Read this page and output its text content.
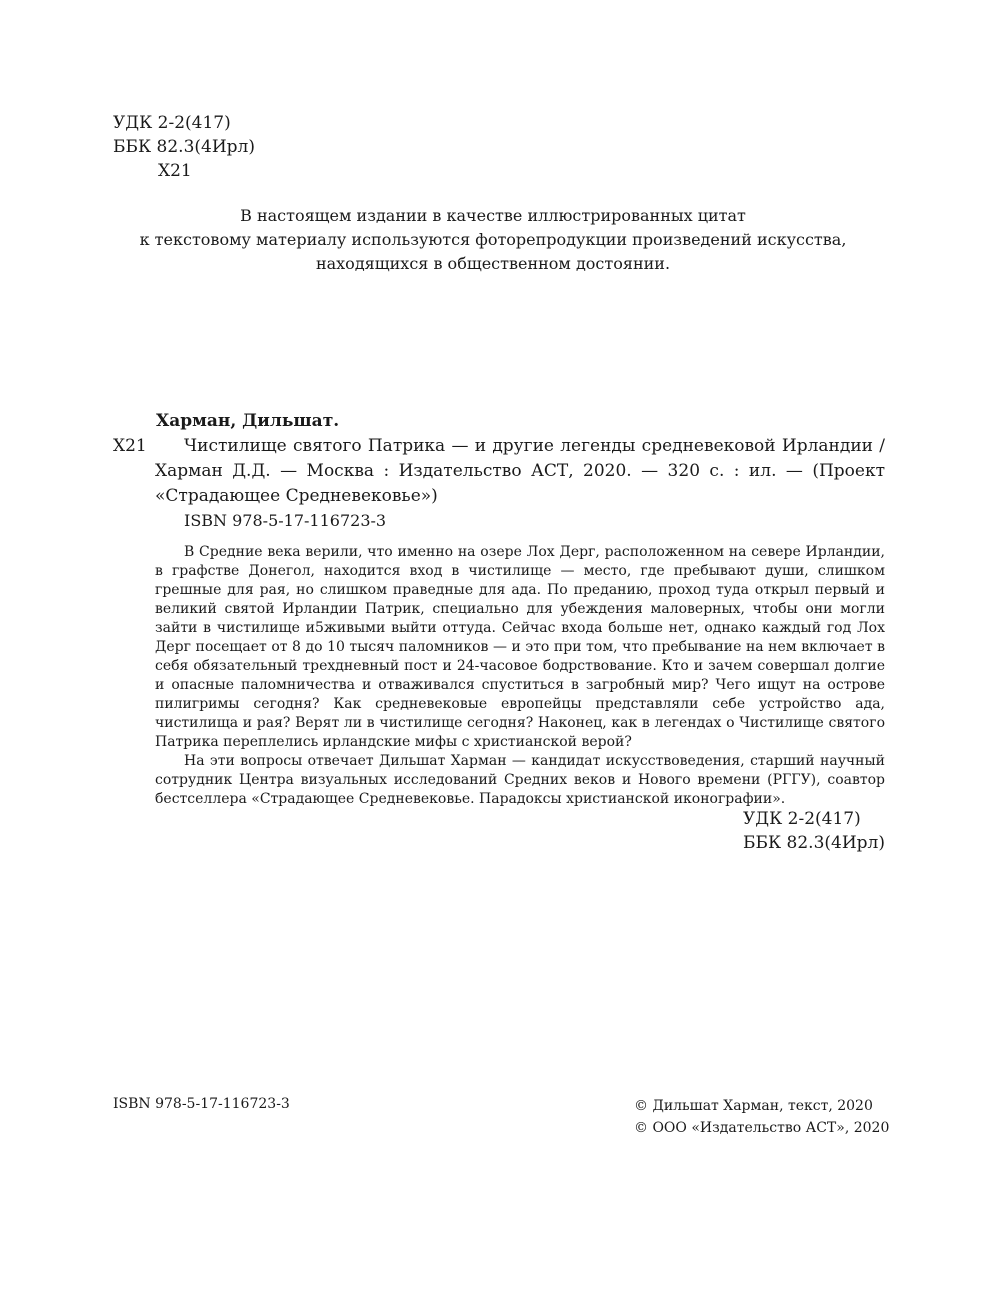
УДК 2-2(417)
ББК 82.3(4Ирл)
Х21
В настоящем издании в качестве иллюстрированных цитат
к текстовому материалу используются фоторепродукции произведений искусства,
находящихся в общественном достоянии.
Харман, Дильшат.
Х21	Чистилище святого Патрика — и другие легенды средневековой Ирландии / Харман Д.Д. — Москва : Издательство АСТ, 2020. — 320 с. : ил. — (Проект «Страдающее Средневековье»)
ISBN 978-5-17-116723-3

В Средние века верили, что именно на озере Лох Дерг, расположенном на севере Ирландии, в графстве Донегол, находится вход в чистилище — место, где пребывают души, слишком грешные для рая, но слишком праведные для ада. По преданию, проход туда открыл первый и великий святой Ирландии Патрик, специально для убеждения маловерных, чтобы они могли зайти в чистилище и5живыми выйти оттуда. Сейчас входа больше нет, однако каждый год Лох Дерг посещает от 8 до 10 тысяч паломников — и это при том, что пребывание на нем включает в себя обязательный трехдневный пост и 24-часовое бодрствование. Кто и зачем совершал долгие и опасные паломничества и отваживался спуститься в загробный мир? Чего ищут на острове пилигримы сегодня? Как средневековые европейцы представляли себе устройство ада, чистилища и рая? Верят ли в чистилище сегодня? Наконец, как в легендах о Чистилище святого Патрика переплелись ирландские мифы с христианской верой?

На эти вопросы отвечает Дильшат Харман — кандидат искусствоведения, старший научный сотрудник Центра визуальных исследований Средних веков и Нового времени (РГГУ), соавтор бестселлера «Страдающее Средневековье. Парадоксы христианской иконографии».

УДК 2-2(417)
ББК 82.3(4Ирл)
ISBN 978-5-17-116723-3	© Дильшат Харман, текст, 2020
© ООО «Издательство АСТ», 2020
